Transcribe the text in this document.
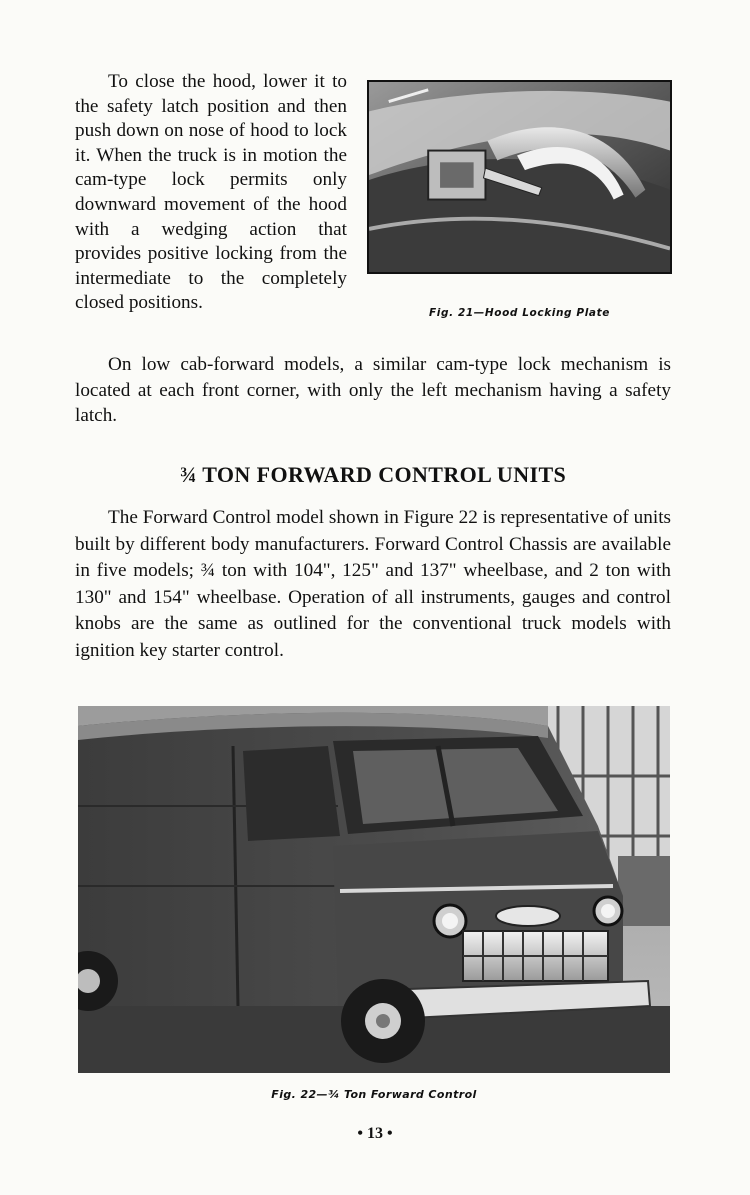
To close the hood, lower it to the safety latch position and then push down on nose of hood to lock it. When the truck is in motion the cam-type lock permits only downward movement of the hood with a wedging action that provides positive locking from the intermediate to the completely closed positions.	Fig. 21—Hood Locking Plate

On low cab-forward models, a similar cam-type lock mechanism is located at each front corner, with only the left mechanism having a safety latch.

¾ TON FORWARD CONTROL UNITS

The Forward Control model shown in Figure 22 is representative of units built by different body manufacturers. Forward Control Chassis are available in five models; ¾ ton with 104", 125" and 137" wheelbase, and 2 ton with 130" and 154" wheelbase. Operation of all instruments, gauges and control knobs are the same as outlined for the conventional truck models with ignition key starter control.

Fig. 22—¾ Ton Forward Control
• 13 •
